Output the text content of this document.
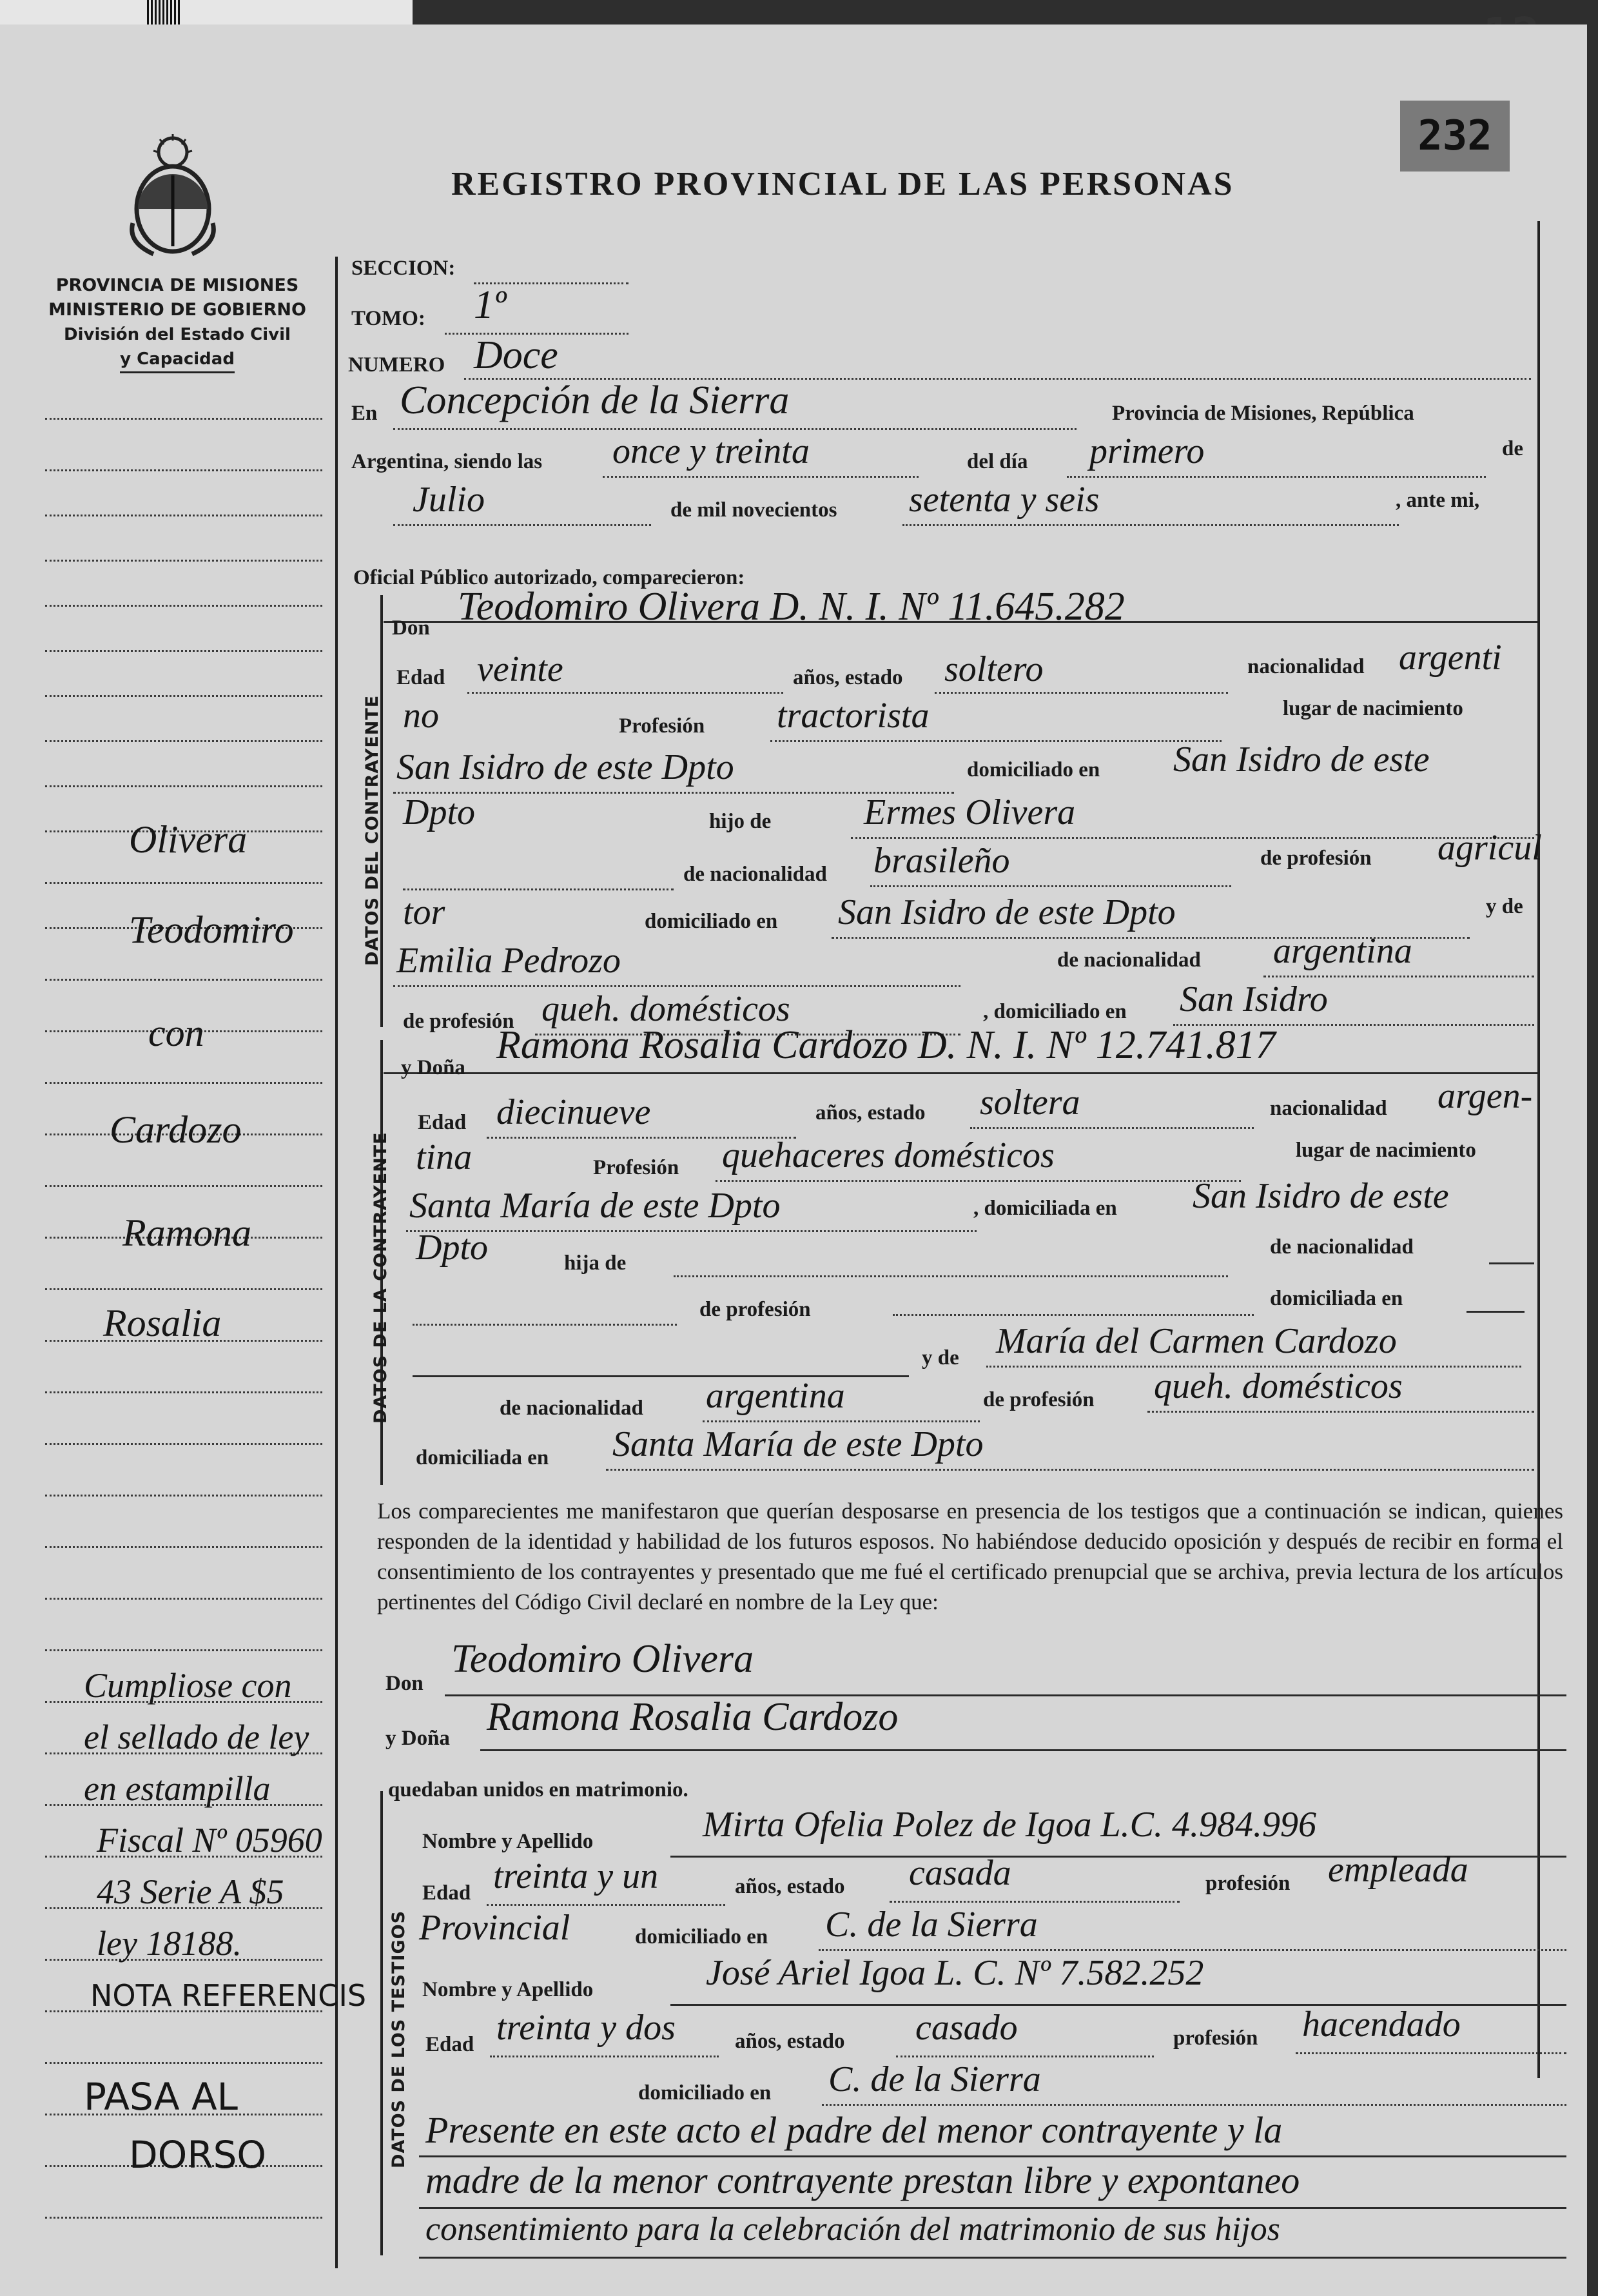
232
REGISTRO PROVINCIAL DE LAS PERSONAS
PROVINCIA DE MISIONES
MINISTERIO DE GOBIERNO
División del Estado Civil
y Capacidad
Olivera
Teodomiro
con
Cardozo
Ramona
Rosalia
Cumpliose con
el sellado de ley
en estampilla
Fiscal Nº 05960
43 Serie A $5
ley 18188.
NOTA REFERENCIS
PASA AL
DORSO
SECCION:
TOMO: 1º
NUMERO Doce
En Concepción de la Sierra	Provincia de Misiones, República
Argentina, siendo las once y treinta	del día primero	de
Julio	de mil novecientos setenta y seis	, ante mi,
Oficial Público autorizado, comparecieron:
DATOS DEL CONTRAYENTE
Don Teodomiro Olivera D. N. I. Nº 11.645.282
Edad veinte	años, estado soltero	nacionalidad argenti
no	Profesión tractorista	lugar de nacimiento
San Isidro de este Dpto	domiciliado en San Isidro de este
Dpto	hijo de	Ermes Olivera
de nacionalidad brasileño	de profesión agricul
tor	domiciliado en San Isidro de este Dpto	y de
Emilia Pedrozo	de nacionalidad argentina
de profesión queh. domésticos	, domiciliado en San Isidro
DATOS DE LA CONTRAYENTE
y Doña
Ramona Rosalia Cardozo D. N. I. Nº 12.741.817
Edad diecinueve	años, estado soltera	nacionalidad argen-
tina	Profesión quehaceres domésticos	lugar de nacimiento
Santa María de este Dpto	, domiciliada en San Isidro de este
Dpto	hija de
de nacionalidad
de profesión	domiciliada en
y de María del Carmen Cardozo
de nacionalidad argentina	de profesión queh. domésticos
domiciliada en Santa María de este Dpto
Los comparecientes me manifestaron que querían desposarse en presencia de los testigos que a continuación se indican, quienes responden de la identidad y habilidad de los futuros esposos. No habiéndose deducido oposición y después de recibir en forma el consentimiento de los contrayentes y presentado que me fué el certificado prenupcial que se archiva, previa lectura de los artículos pertinentes del Código Civil declaré en nombre de la Ley que:
Don
Teodomiro Olivera
y Doña Ramona Rosalia Cardozo
quedaban unidos en matrimonio.
DATOS DE LOS TESTIGOS
Nombre y Apellido	Mirta Ofelia Polez de Igoa L.C. 4.984.996
Edad treinta y un	años, estado casada	profesión empleada
Provincial	domiciliado en C. de la Sierra
Nombre y Apellido	José Ariel Igoa L. C. Nº 7.582.252
Edad treinta y dos	años, estado casado	profesión hacendado
domiciliado en C. de la Sierra
Presente en este acto el padre del menor contrayente y la
madre de la menor contrayente prestan libre y expontaneo
consentimiento para la celebración del matrimonio de sus hijos
